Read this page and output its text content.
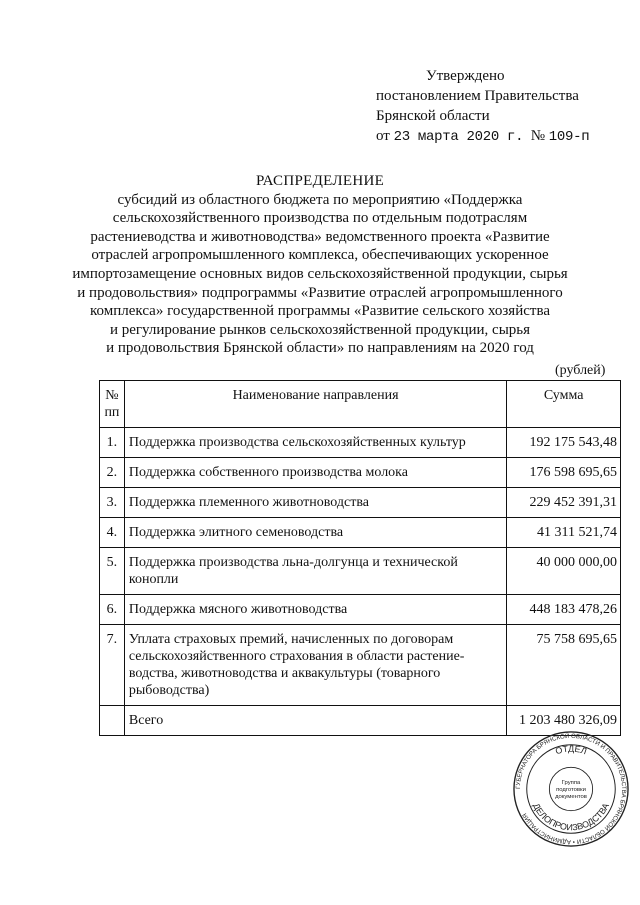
Утверждено
постановлением Правительства
Брянской области
от 23 марта 2020 г. № 109-п
РАСПРЕДЕЛЕНИЕ
субсидий из областного бюджета по мероприятию «Поддержка
сельскохозяйственного производства по отдельным подотраслям
растениеводства и животноводства» ведомственного проекта «Развитие
отраслей агропромышленного комплекса, обеспечивающих ускоренное
импортозамещение основных видов сельскохозяйственной продукции, сырья
и продовольствия» подпрограммы «Развитие отраслей агропромышленного
комплекса» государственной программы «Развитие сельского хозяйства
и регулирование рынков сельскохозяйственной продукции, сырья
и продовольствия Брянской области» по направлениям на 2020 год
(рублей)
№ пп	Наименование направления	Сумма
1.	Поддержка производства сельскохозяйственных культур	192 175 543,48
2.	Поддержка собственного производства молока	176 598 695,65
3.	Поддержка племенного животноводства	229 452 391,31
4.	Поддержка элитного семеноводства	41 311 521,74
5.	Поддержка производства льна-долгунца и технической конопли	40 000 000,00
6.	Поддержка мясного животноводства	448 183 478,26
7.	Уплата страховых премий, начисленных по договорам сельскохозяйственного страхования в области растение-водства, животноводства и аквакультуры (товарного рыбоводства)	75 758 695,65
	Всего	1 203 480 326,09
ГУБЕРНАТОРА БРЯНСКОЙ ОБЛАСТИ И ПРАВИТЕЛЬСТВА БРЯНСКОЙ ОБЛАСТИ • АДМИНИСТРАЦИЯ
ОТДЕЛ
ДЕЛОПРОИЗВОДСТВА
Группа
подготовки
документов
